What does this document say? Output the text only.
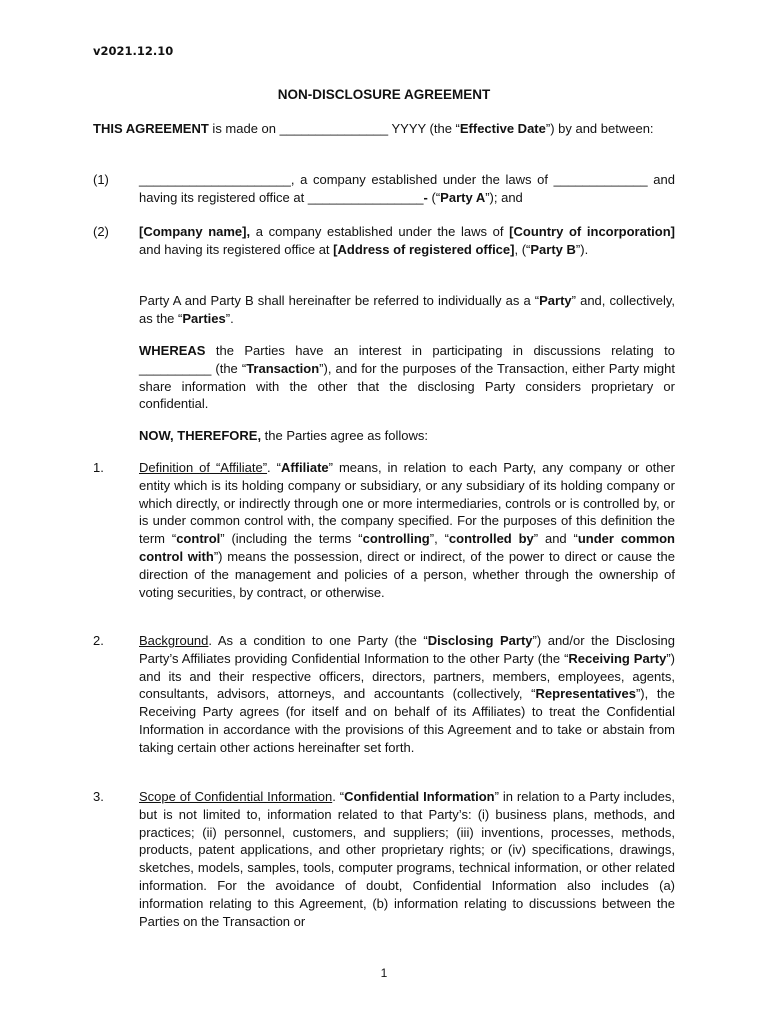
v2021.12.10
NON-DISCLOSURE AGREEMENT
THIS AGREEMENT is made on _______________ YYYY (the “Effective Date”) by and between:
(1) _____________________, a company established under the laws of _____________ and having its registered office at ________________- (“Party A”); and
(2) [Company name], a company established under the laws of [Country of incorporation] and having its registered office at [Address of registered office], (“Party B”).
Party A and Party B shall hereinafter be referred to individually as a “Party” and, collectively, as the “Parties”.
WHEREAS the Parties have an interest in participating in discussions relating to __________ (the “Transaction”), and for the purposes of the Transaction, either Party might share information with the other that the disclosing Party considers proprietary or confidential.
NOW, THEREFORE, the Parties agree as follows:
1.	Definition of “Affiliate”. “Affiliate” means, in relation to each Party, any company or other entity which is its holding company or subsidiary, or any subsidiary of its holding company or which directly, or indirectly through one or more intermediaries, controls or is controlled by, or is under common control with, the company specified. For the purposes of this definition the term “control” (including the terms “controlling”, “controlled by” and “under common control with”) means the possession, direct or indirect, of the power to direct or cause the direction of the management and policies of a person, whether through the ownership of voting securities, by contract, or otherwise.
2.	Background. As a condition to one Party (the “Disclosing Party”) and/or the Disclosing Party’s Affiliates providing Confidential Information to the other Party (the “Receiving Party”) and its and their respective officers, directors, partners, members, employees, agents, consultants, advisors, attorneys, and accountants (collectively, “Representatives”), the Receiving Party agrees (for itself and on behalf of its Affiliates) to treat the Confidential Information in accordance with the provisions of this Agreement and to take or abstain from taking certain other actions hereinafter set forth.
3.	Scope of Confidential Information. “Confidential Information” in relation to a Party includes, but is not limited to, information related to that Party’s: (i) business plans, methods, and practices; (ii) personnel, customers, and suppliers; (iii) inventions, processes, methods, products, patent applications, and other proprietary rights; or (iv) specifications, drawings, sketches, models, samples, tools, computer programs, technical information, or other related information. For the avoidance of doubt, Confidential Information also includes (a) information relating to this Agreement, (b) information relating to discussions between the Parties on the Transaction or
1
